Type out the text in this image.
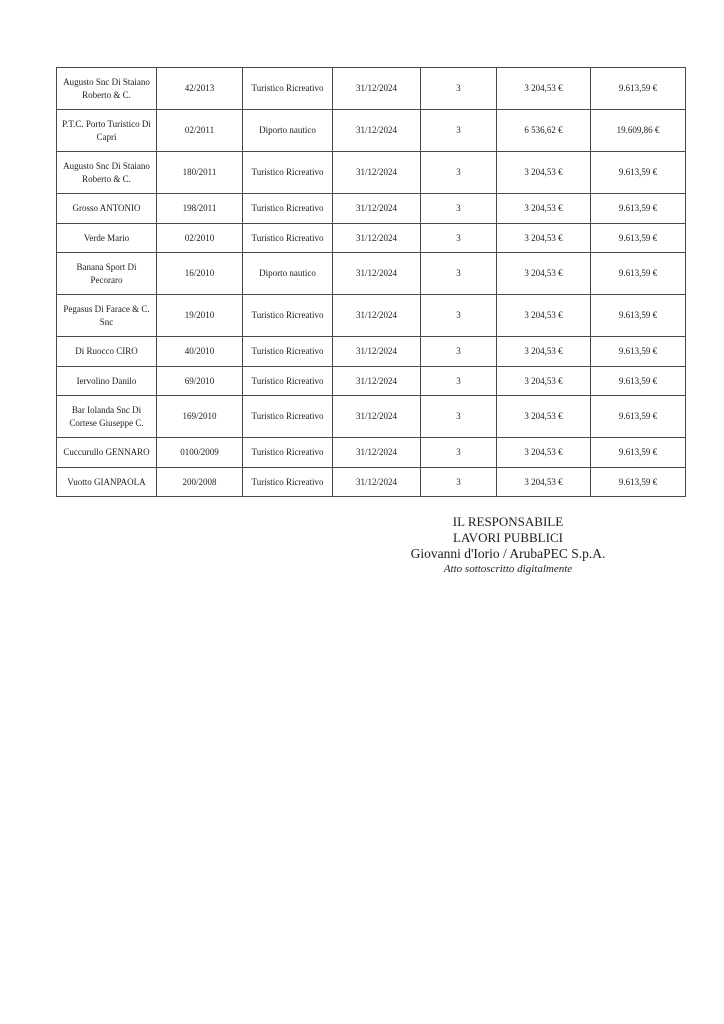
Augusto Snc Di Staiano Roberto & C.	42/2013	Turistico Ricreativo	31/12/2024	3	3 204,53 €	9.613,59 €
P.T.C. Porto Turistico Di Capri	02/2011	Diporto nautico	31/12/2024	3	6 536,62 €	19.609,86 €
Augusto Snc Di Staiano Roberto & C.	180/2011	Turistico Ricreativo	31/12/2024	3	3 204,53 €	9.613,59 €
Grosso ANTONIO	198/2011	Turistico Ricreativo	31/12/2024	3	3 204,53 €	9.613,59 €
Verde Mario	02/2010	Turistico Ricreativo	31/12/2024	3	3 204,53 €	9.613,59 €
Banana Sport Di Pecoraro	16/2010	Diporto nautico	31/12/2024	3	3 204,53 €	9.613,59 €
Pegasus Di Farace & C. Snc	19/2010	Turistico Ricreativo	31/12/2024	3	3 204,53 €	9.613,59 €
Di Ruocco CIRO	40/2010	Turistico Ricreativo	31/12/2024	3	3 204,53 €	9.613,59 €
Iervolino Danilo	69/2010	Turistico Ricreativo	31/12/2024	3	3 204,53 €	9.613,59 €
Bar Iolanda Snc Di Cortese Giuseppe C.	169/2010	Turistico Ricreativo	31/12/2024	3	3 204,53 €	9.613,59 €
Cuccurullo GENNARO	0100/2009	Turistico Ricreativo	31/12/2024	3	3 204,53 €	9.613,59 €
Vuotto GIANPAOLA	200/2008	Turistico Ricreativo	31/12/2024	3	3 204,53 €	9.613,59 €
IL RESPONSABILE
LAVORI PUBBLICI
Giovanni d'Iorio / ArubaPEC S.p.A.
Atto sottoscritto digitalmente
